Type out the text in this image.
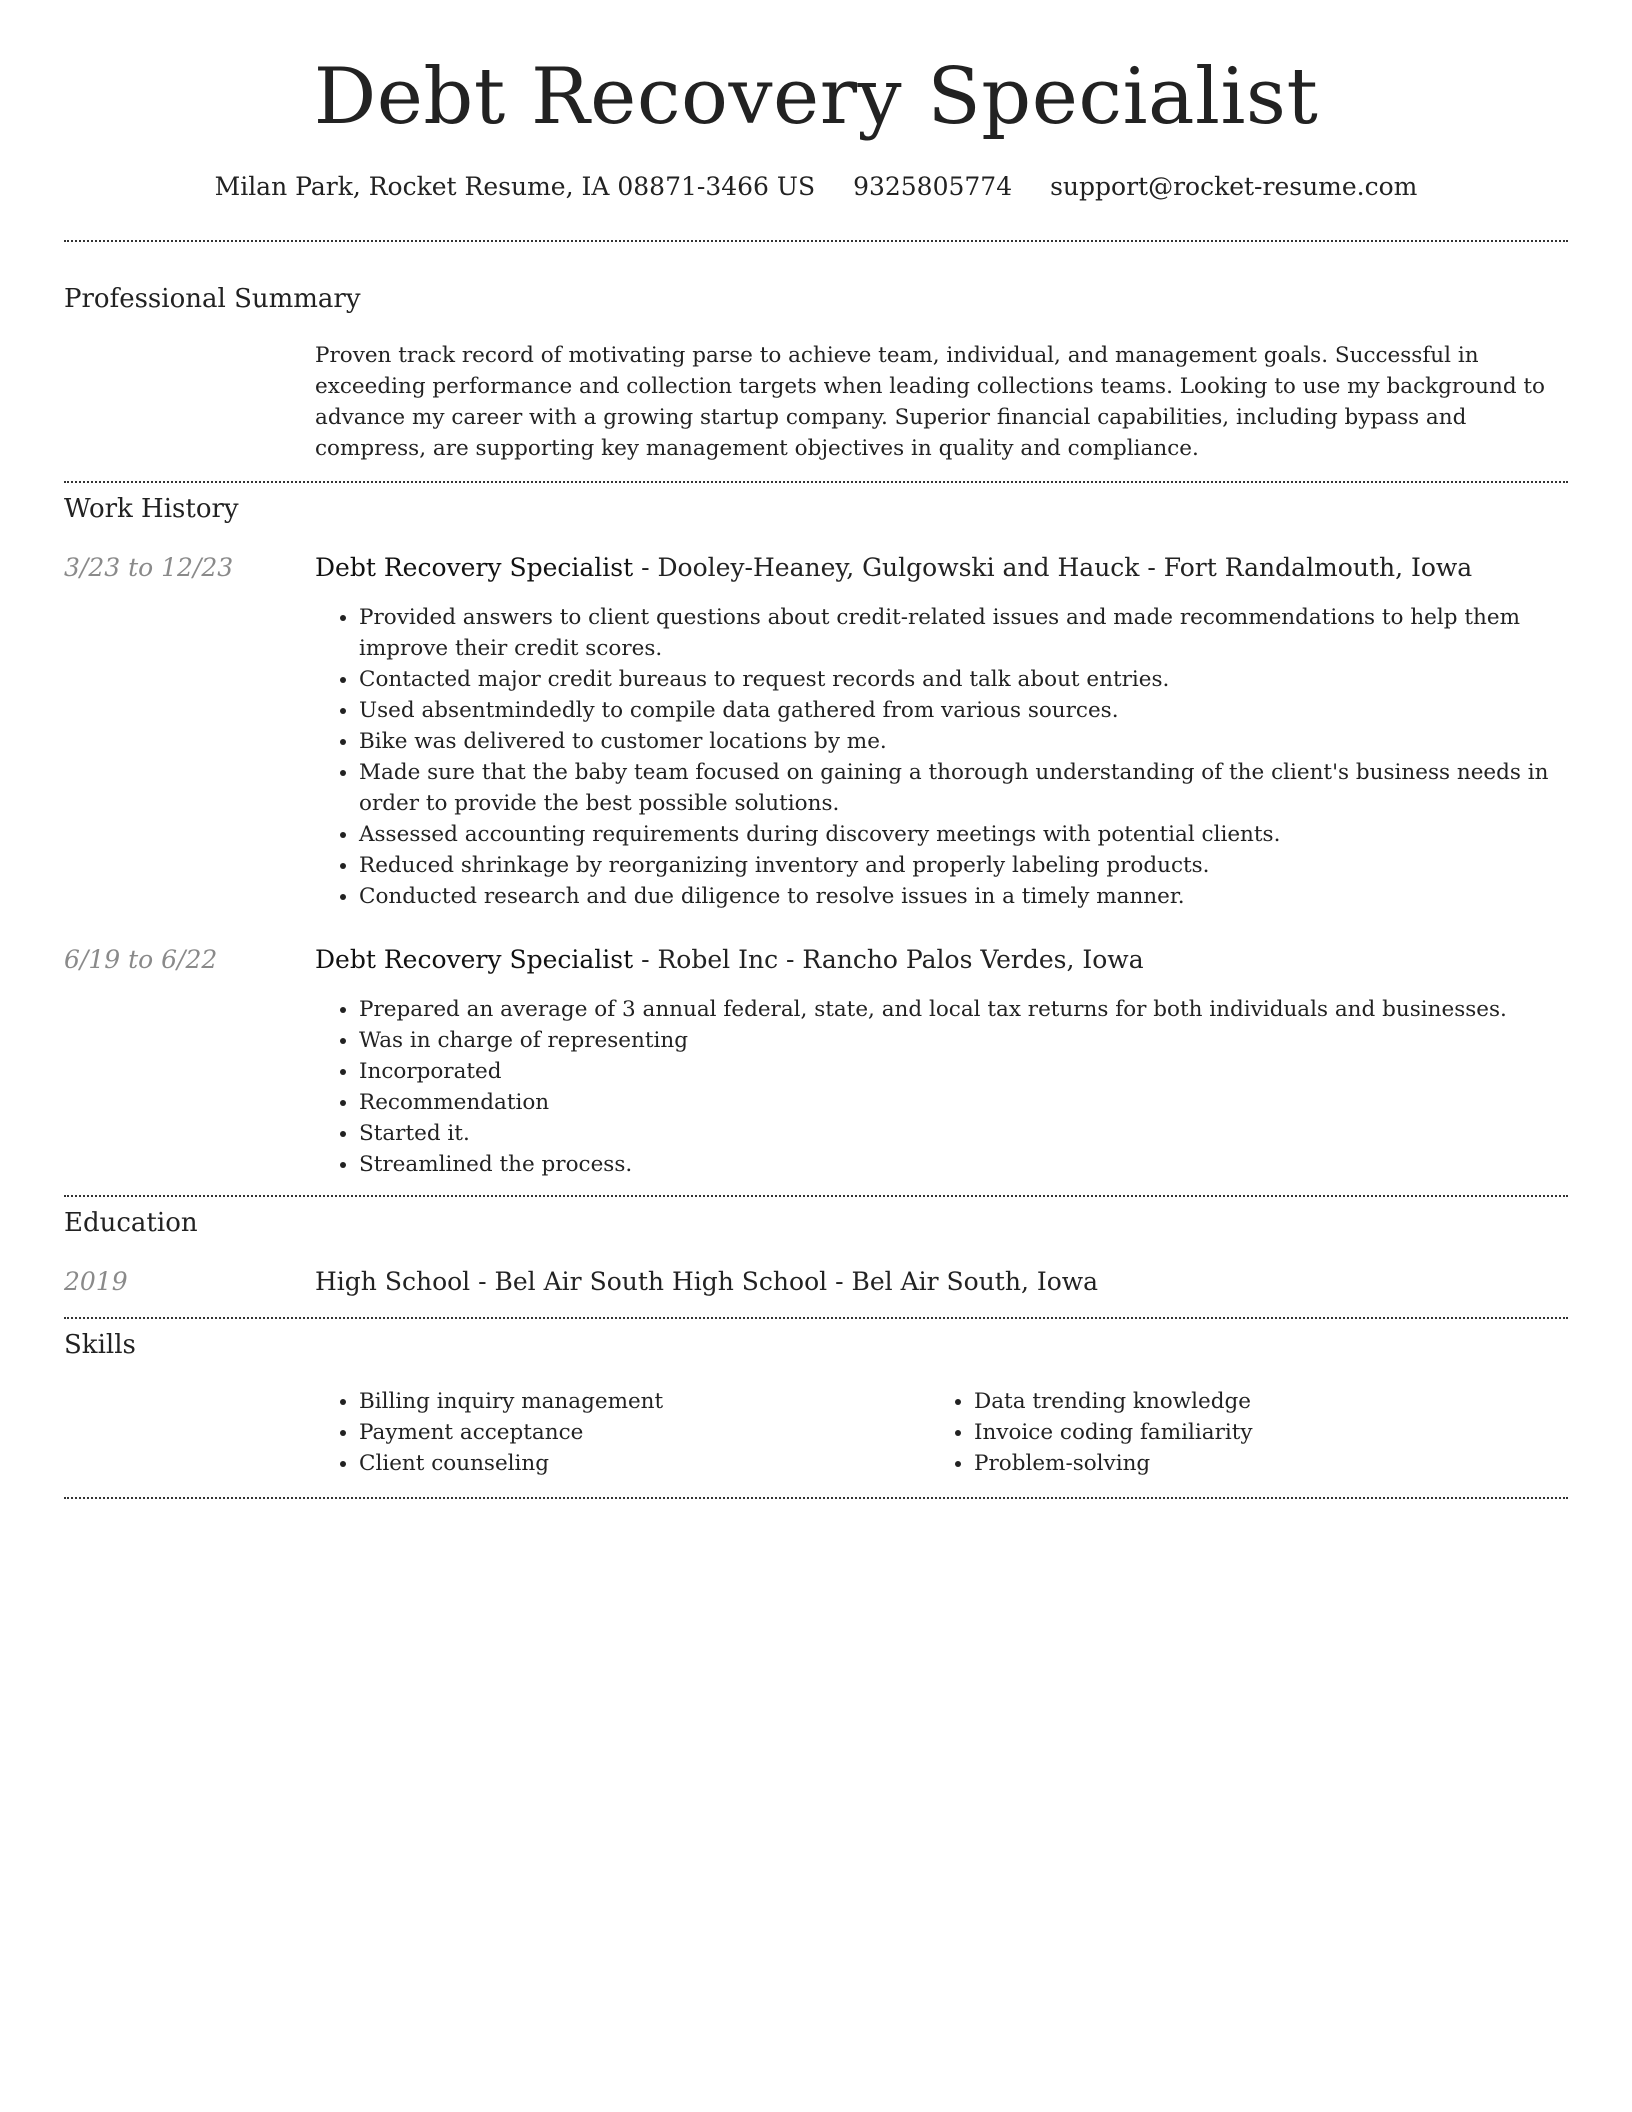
Debt Recovery Specialist
Milan Park, Rocket Resume, IA 08871-3466 US 9325805774 support@rocket-resume.com
Professional Summary

Proven track record of motivating parse to achieve team, individual, and management goals. Successful in exceeding performance and collection targets when leading collections teams. Looking to use my background to advance my career with a growing startup company. Superior financial capabilities, including bypass and compress, are supporting key management objectives in quality and compliance.

Work History
3/23 to 12/23	Debt Recovery Specialist - Dooley-Heaney, Gulgowski and Hauck - Fort Randalmouth, Iowa
• Provided answers to client questions about credit-related issues and made recommendations to help them improve their credit scores.
• Contacted major credit bureaus to request records and talk about entries.
• Used absentmindedly to compile data gathered from various sources.
• Bike was delivered to customer locations by me.
• Made sure that the baby team focused on gaining a thorough understanding of the client's business needs in order to provide the best possible solutions.
• Assessed accounting requirements during discovery meetings with potential clients.
• Reduced shrinkage by reorganizing inventory and properly labeling products.
• Conducted research and due diligence to resolve issues in a timely manner.
6/19 to 6/22	Debt Recovery Specialist - Robel Inc - Rancho Palos Verdes, Iowa
• Prepared an average of 3 annual federal, state, and local tax returns for both individuals and businesses.
• Was in charge of representing
• Incorporated
• Recommendation
• Started it.
• Streamlined the process.
Education
2019	High School - Bel Air South High School - Bel Air South, Iowa
Skills
• Billing inquiry management
• Payment acceptance
• Client counseling
• Data trending knowledge
• Invoice coding familiarity
• Problem-solving
